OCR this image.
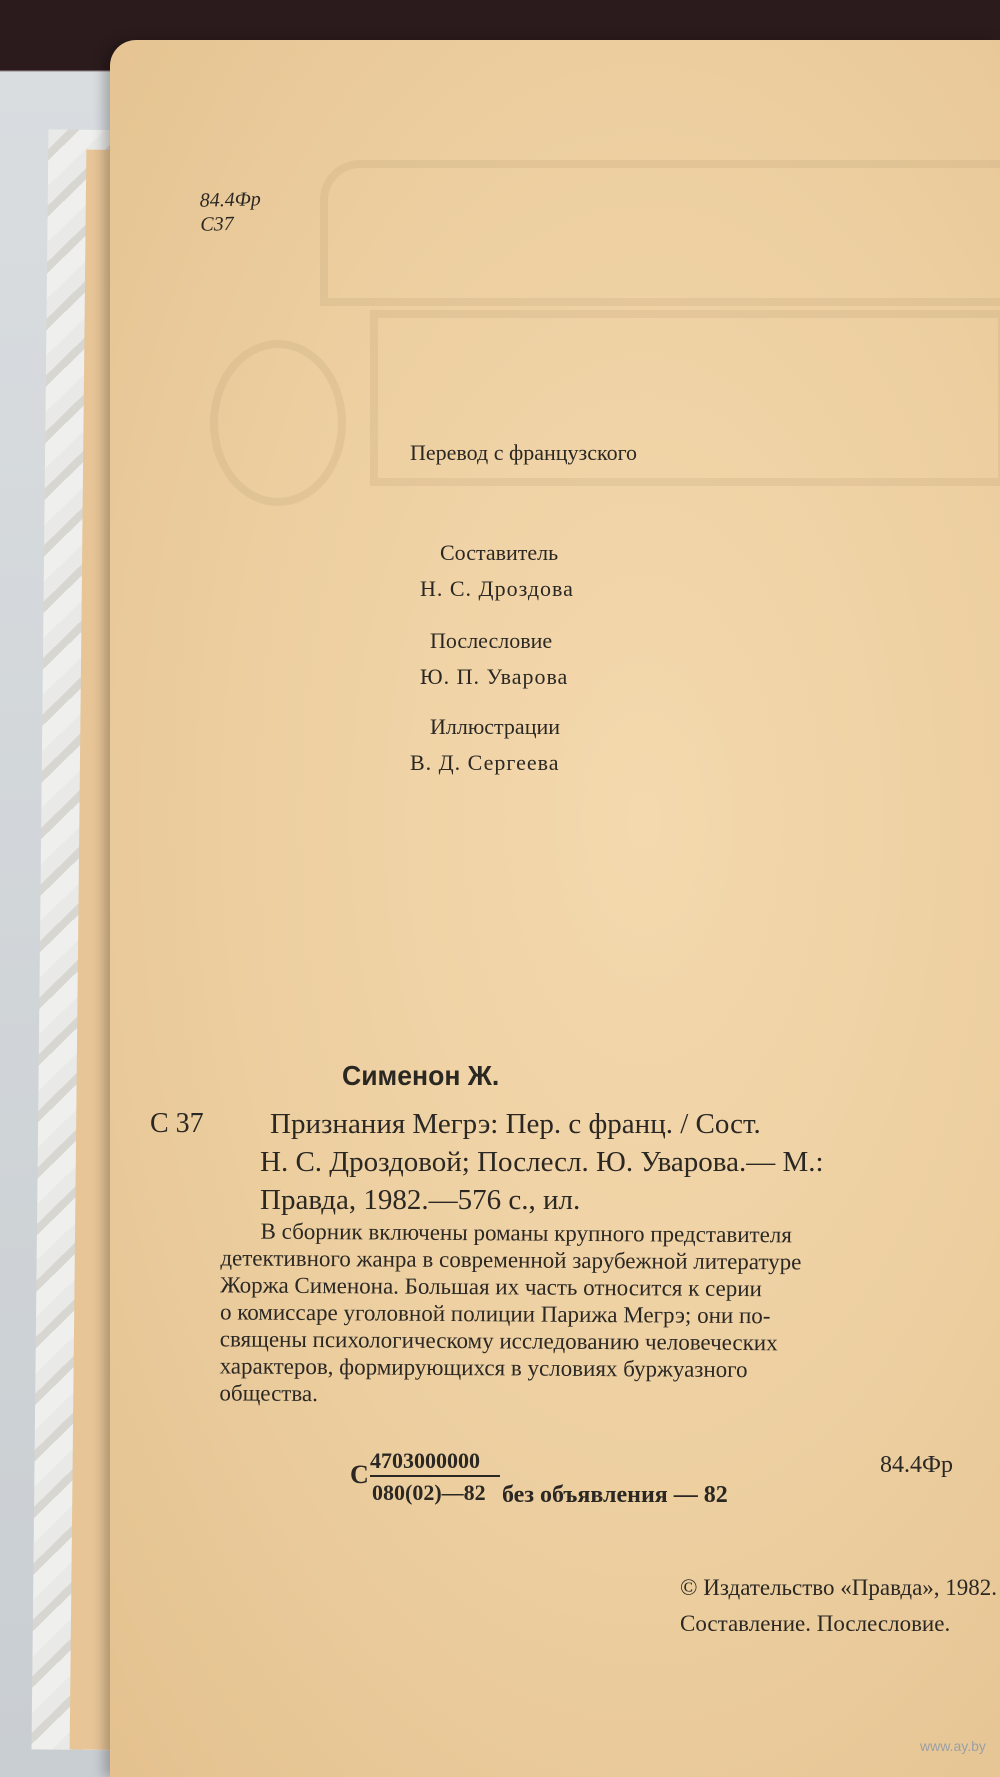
84.4Фр
С37
Перевод с французского
Составитель
Н. С. Дроздова
Послесловие
Ю. П. Уварова
Иллюстрации
В. Д. Сергеева
Сименон Ж.
С 37	Признания Мегрэ: Пер. с франц. / Сост.
Н. С. Дроздовой; Послесл. Ю. Уварова.— М.:
Правда, 1982.—576 с., ил.
В сборник включены романы крупного представителя
детективного жанра в современной зарубежной литературе
Жоржа Сименона. Большая их часть относится к серии
о комиссаре уголовной полиции Парижа Мегрэ; они по-
священы психологическому исследованию человеческих
характеров, формирующихся в условиях буржуазного
общества.
84.4Фр
С 4703000000
080(02)—82 без объявления — 82
© Издательство «Правда», 1982.
Составление. Послесловие.
www.ay.by
